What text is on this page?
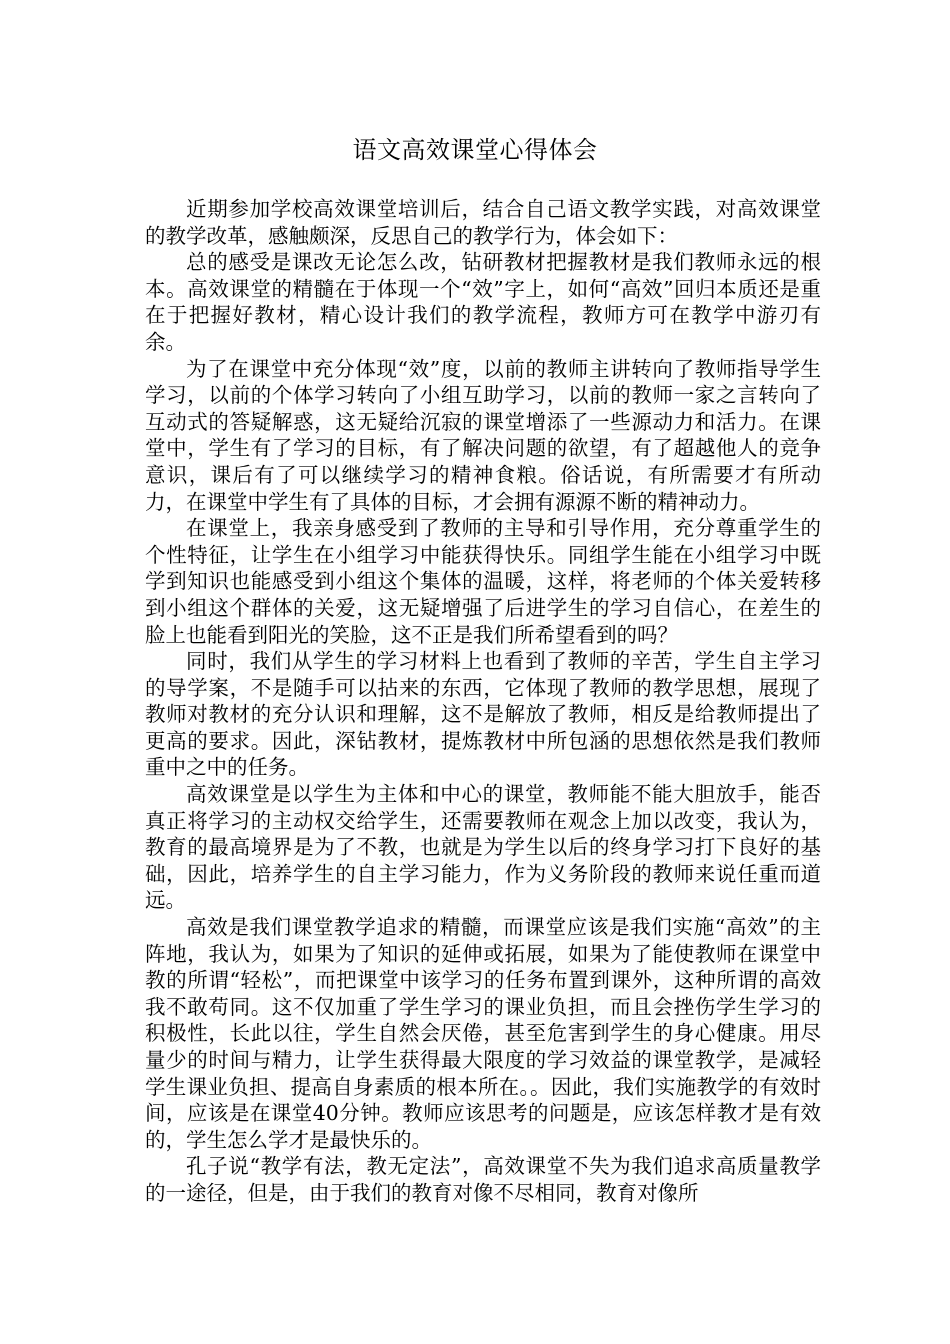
语文高效课堂心得体会

近期参加学校高效课堂培训后，结合自己语文教学实践，对高效课堂的教学改革，感触颇深，反思自己的教学行为，体会如下：

总的感受是课改无论怎么改，钻研教材把握教材是我们教师永远的根本。高效课堂的精髓在于体现一个“效”字上，如何“高效”回归本质还是重在于把握好教材，精心设计我们的教学流程，教师方可在教学中游刃有余。

为了在课堂中充分体现“效”度，以前的教师主讲转向了教师指导学生学习，以前的个体学习转向了小组互助学习，以前的教师一家之言转向了互动式的答疑解惑，这无疑给沉寂的课堂增添了一些源动力和活力。在课堂中，学生有了学习的目标，有了解决问题的欲望，有了超越他人的竞争意识，课后有了可以继续学习的精神食粮。俗话说，有所需要才有所动力，在课堂中学生有了具体的目标，才会拥有源源不断的精神动力。

在课堂上，我亲身感受到了教师的主导和引导作用，充分尊重学生的个性特征，让学生在小组学习中能获得快乐。同组学生能在小组学习中既学到知识也能感受到小组这个集体的温暖，这样，将老师的个体关爱转移到小组这个群体的关爱，这无疑增强了后进学生的学习自信心，在差生的脸上也能看到阳光的笑脸，这不正是我们所希望看到的吗？

同时，我们从学生的学习材料上也看到了教师的辛苦，学生自主学习的导学案，不是随手可以拈来的东西，它体现了教师的教学思想，展现了教师对教材的充分认识和理解，这不是解放了教师，相反是给教师提出了更高的要求。因此，深钻教材，提炼教材中所包涵的思想依然是我们教师重中之中的任务。

高效课堂是以学生为主体和中心的课堂，教师能不能大胆放手，能否真正将学习的主动权交给学生，还需要教师在观念上加以改变，我认为，教育的最高境界是为了不教，也就是为学生以后的终身学习打下良好的基础，因此，培养学生的自主学习能力，作为义务阶段的教师来说任重而道远。

高效是我们课堂教学追求的精髓，而课堂应该是我们实施“高效”的主阵地，我认为，如果为了知识的延伸或拓展，如果为了能使教师在课堂中教的所谓“轻松”，而把课堂中该学习的任务布置到课外，这种所谓的高效我不敢苟同。这不仅加重了学生学习的课业负担，而且会挫伤学生学习的积极性，长此以往，学生自然会厌倦，甚至危害到学生的身心健康。用尽量少的时间与精力，让学生获得最大限度的学习效益的课堂教学，是减轻学生课业负担、提高自身素质的根本所在。。因此，我们实施教学的有效时间，应该是在课堂40分钟。教师应该思考的问题是，应该怎样教才是有效的，学生怎么学才是最快乐的。

孔子说“教学有法，教无定法”，高效课堂不失为我们追求高质量教学的一途径，但是，由于我们的教育对像不尽相同，教育对像所
